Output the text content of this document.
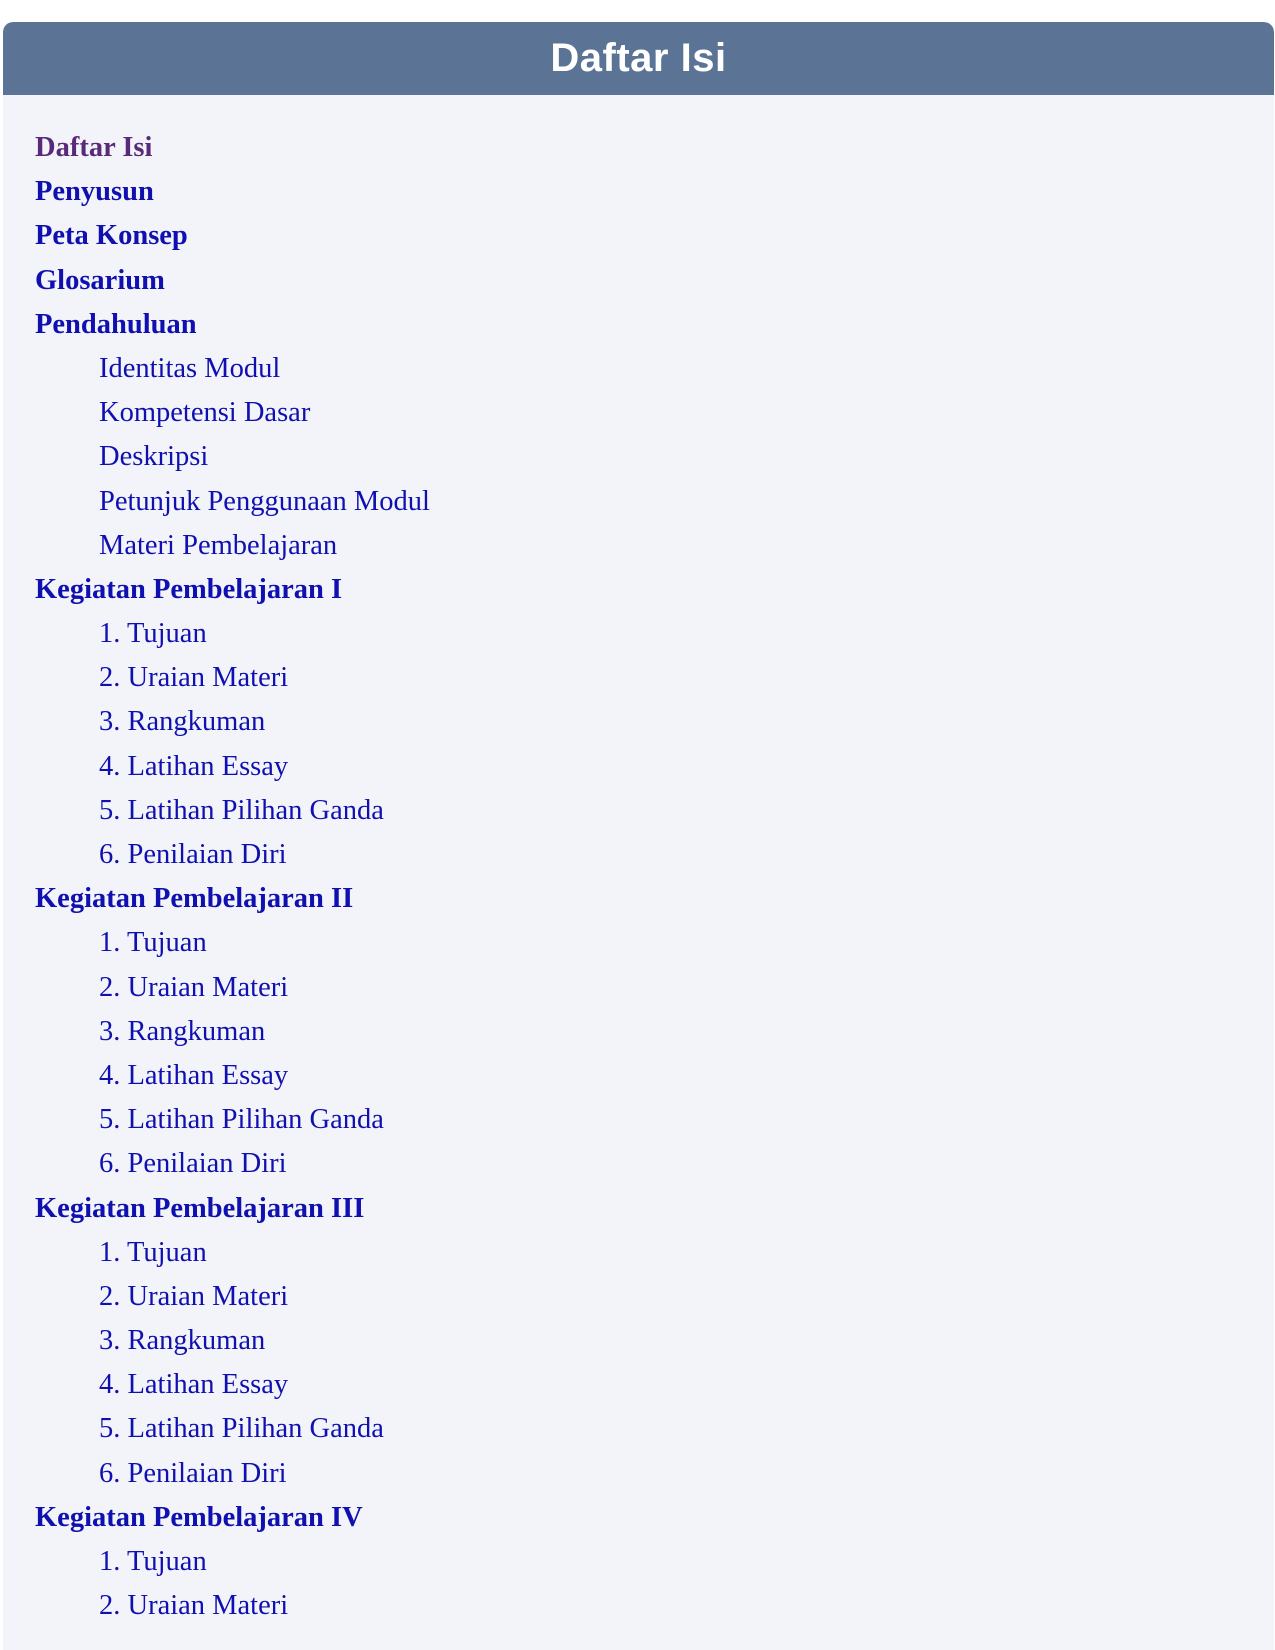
Daftar Isi
Daftar Isi
Penyusun
Peta Konsep
Glosarium
Pendahuluan
Identitas Modul
Kompetensi Dasar
Deskripsi
Petunjuk Penggunaan Modul
Materi Pembelajaran
Kegiatan Pembelajaran I
1. Tujuan
2. Uraian Materi
3. Rangkuman
4. Latihan Essay
5. Latihan Pilihan Ganda
6. Penilaian Diri
Kegiatan Pembelajaran II
1. Tujuan
2. Uraian Materi
3. Rangkuman
4. Latihan Essay
5. Latihan Pilihan Ganda
6. Penilaian Diri
Kegiatan Pembelajaran III
1. Tujuan
2. Uraian Materi
3. Rangkuman
4. Latihan Essay
5. Latihan Pilihan Ganda
6. Penilaian Diri
Kegiatan Pembelajaran IV
1. Tujuan
2. Uraian Materi
